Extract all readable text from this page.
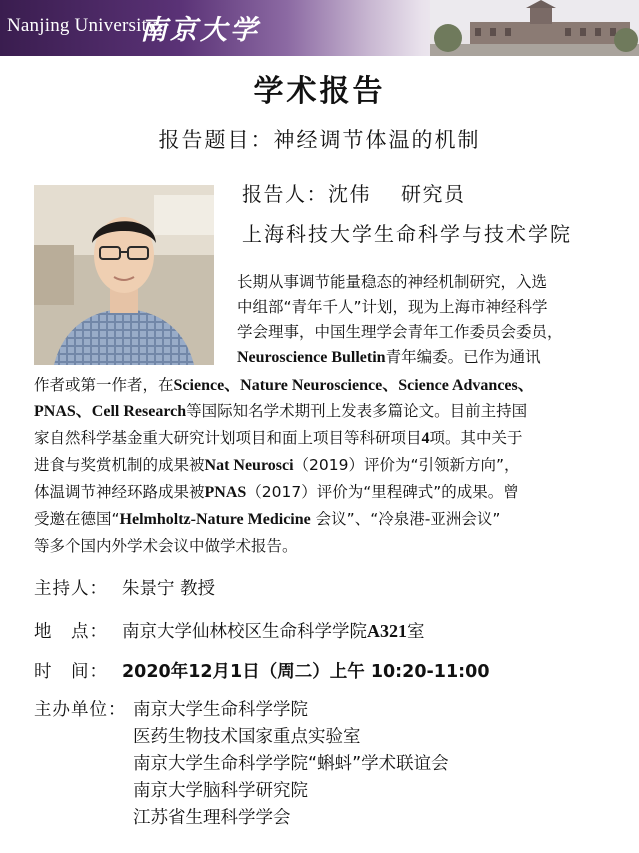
Nanjing University
南京大学
学术报告
报告题目：神经调节体温的机制
报告人：沈伟 研究员
上海科技大学生命科学与技术学院
长期从事调节能量稳态的神经机制研究，入选
中组部“青年千人”计划，现为上海市神经科学
学会理事，中国生理学会青年工作委员会委员，
Neuroscience Bulletin青年编委。已作为通讯
作者或第一作者，在Science、Nature Neuroscience、Science Advances、
PNAS、Cell Research等国际知名学术期刊上发表多篇论文。目前主持国
家自然科学基金重大研究计划项目和面上项目等科研项目4项。其中关于
进食与奖赏机制的成果被Nat Neurosci（2019）评价为“引领新方向”，
体温调节神经环路成果被PNAS（2017）评价为“里程碑式”的成果。曾
受邀在德国“Helmholtz-Nature Medicine 会议”、“冷泉港-亚洲会议”
等多个国内外学术会议中做学术报告。
主持人： 朱景宁 教授
地　点： 南京大学仙林校区生命科学学院A321室
时　间： 2020年12月1日（周二）上午 10:20-11:00
主办单位： 南京大学生命科学学院
医药生物技术国家重点实验室
南京大学生命科学学院“蝌蚪”学术联谊会
南京大学脑科学研究院
江苏省生理科学学会
